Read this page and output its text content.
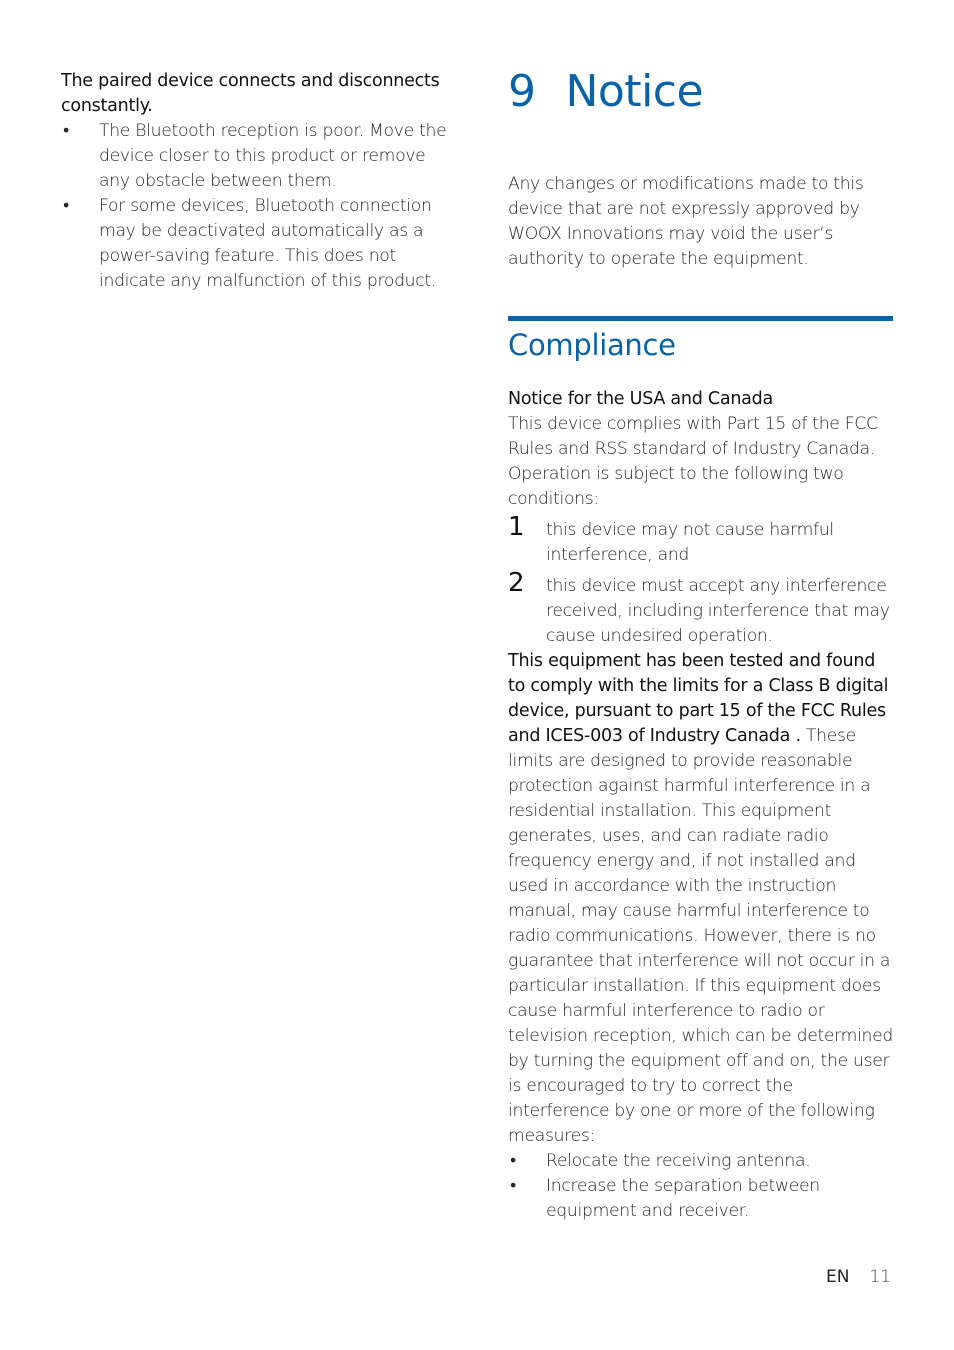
The paired device connects and disconnects constantly.

• The Bluetooth reception is poor. Move the device closer to this product or remove any obstacle between them.
• For some devices, Bluetooth connection may be deactivated automatically as a power-saving feature. This does not indicate any malfunction of this product.
9 Notice

Any changes or modifications made to this device that are not expressly approved by WOOX Innovations may void the user’s authority to operate the equipment.

Compliance

Notice for the USA and Canada

This device complies with Part 15 of the FCC Rules and RSS standard of Industry Canada. Operation is subject to the following two conditions:

1 this device may not cause harmful interference, and
2 this device must accept any interference received, including interference that may cause undesired operation.

This equipment has been tested and found to comply with the limits for a Class B digital device, pursuant to part 15 of the FCC Rules and ICES-003 of Industry Canada . These limits are designed to provide reasonable protection against harmful interference in a residential installation. This equipment generates, uses, and can radiate radio frequency energy and, if not installed and used in accordance with the instruction manual, may cause harmful interference to radio communications. However, there is no guarantee that interference will not occur in a particular installation. If this equipment does cause harmful interference to radio or television reception, which can be determined by turning the equipment off and on, the user is encouraged to try to correct the interference by one or more of the following measures:

• Relocate the receiving antenna.
• Increase the separation between equipment and receiver.
EN 11
